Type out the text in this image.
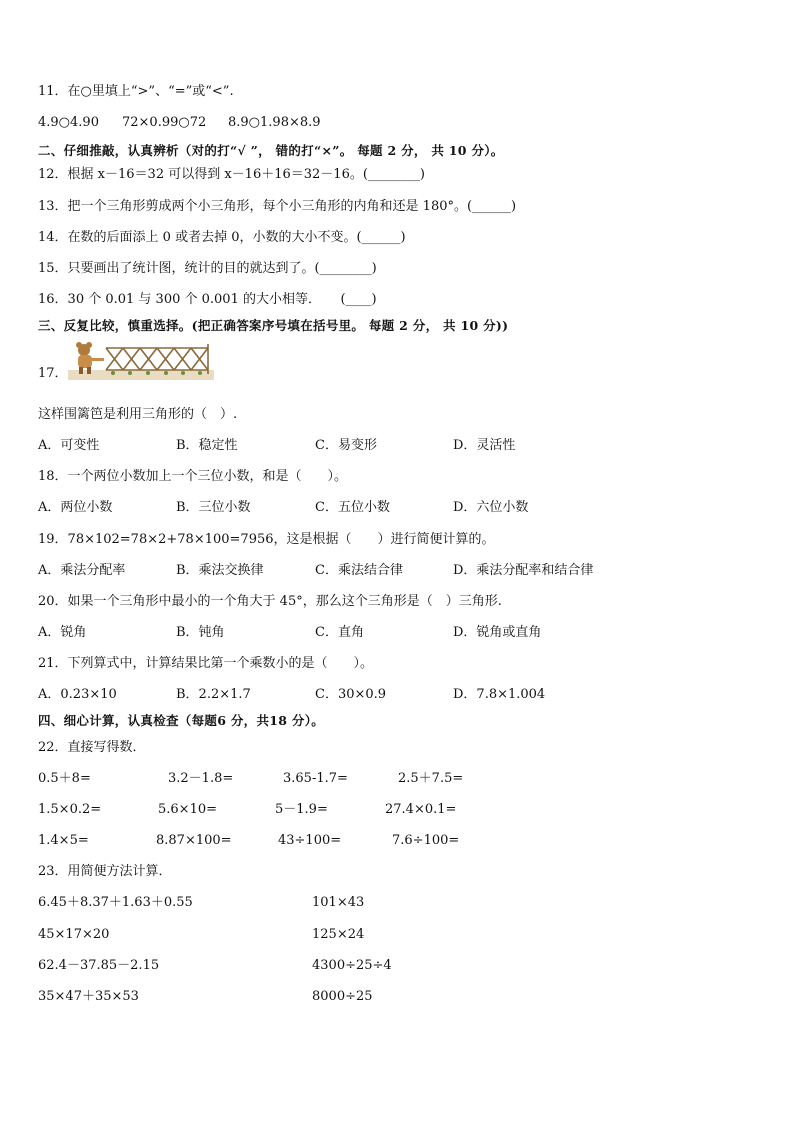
11．在○里填上“>”、“=”或“<”.
4.9○4.90 72×0.99○72 8.9○1.98×8.9
二、仔细推敲，认真辨析（对的打“√ ”， 错的打“×”。 每题 2 分， 共 10 分）。
12．根据 x－16＝32 可以得到 x－16＋16＝32－16。(________)
13．把一个三角形剪成两个小三角形，每个小三角形的内角和还是 180°。(______)
14．在数的后面添上 0 或者去掉 0，小数的大小不变。(______)
15．只要画出了统计图，统计的目的就达到了。(________)
16．30 个 0.01 与 300 个 0.001 的大小相等．　　(____)
三、反复比较，慎重选择。(把正确答案序号填在括号里。 每题 2 分， 共 10 分))
17．
这样围篱笆是利用三角形的（　）.
A．可变性	B．稳定性	C．易变形	D．灵活性
18．一个两位小数加上一个三位小数，和是（　　）。
A．两位小数	B．三位小数	C．五位小数	D．六位小数
19．78×102=78×2+78×100=7956，这是根据（　　）进行简便计算的。
A．乘法分配率	B．乘法交换律	C．乘法结合律	D．乘法分配率和结合律
20．如果一个三角形中最小的一个角大于 45°，那么这个三角形是（　）三角形.
A．锐角	B．钝角	C．直角	D．锐角或直角
21．下列算式中，计算结果比第一个乘数小的是（　　）。
A．0.23×10	B．2.2×1.7	C．30×0.9	D．7.8×1.004
四、细心计算，认真检查（每题6 分，共18 分）。
22．直接写得数．
0.5＋8=	3.2－1.8=	3.65-1.7=	2.5＋7.5=
1.5×0.2=	5.6×10=	5－1.9=	27.4×0.1=
1.4×5=	8.87×100=	43÷100=	7.6÷100=
23．用简便方法计算．
6.45＋8.37＋1.63＋0.55	101×43
45×17×20	125×24
62.4－37.85－2.15	4300÷25÷4
35×47＋35×53	8000÷25
